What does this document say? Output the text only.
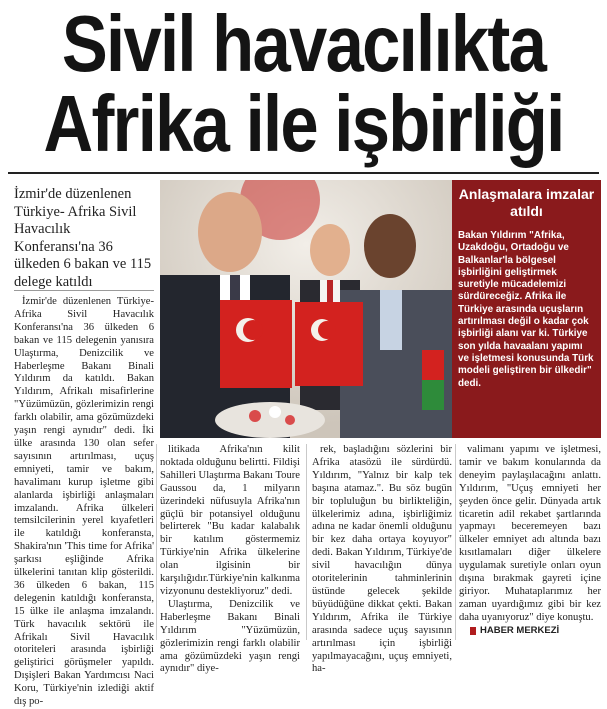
Sivil havacılıkta
Afrika ile işbirliği
İzmir'de düzenlenen Türkiye- Afrika Sivil Havacılık Konferansı'na 36 ülkeden 6 bakan ve 115 delege katıldı

İzmir'de düzenlenen Türkiye- Afrika Sivil Havacılık Konferansı'na 36 ülkeden 6 bakan ve 115 delegenin yanısıra Ulaştırma, Denizcilik ve Haberleşme Bakanı Binali Yıldırım da katıldı. Bakan Yıldırım, Afrikalı misafirlerine "Yüzümüzün, gözlerimizin rengi farklı olabilir, ama gözümüzdeki yaşın rengi aynıdır" dedi. İki ülke arasında 130 olan sefer sayısının artırılması, uçuş emniyeti, tamir ve bakım, havalimanı kurup işletme gibi alanlarda işbirliği anlaşmaları imzalandı. Afrika ülkeleri temsilcilerinin yerel kıyafetleri ile katıldığı konferansta, Shakira'nın 'This time for Afrika' şarkısı eşliğinde Afrika ülkelerini tanıtan klip gösterildi. 36 ülkeden 6 bakan, 115 delegenin katıldığı konferansta, 15 ülke ile anlaşma imzalandı. Türk havacılık sektörü ile Afrikalı Sivil Havacılık otoriteleri arasında işbirliği geliştirici görüşmeler yapıldı. Dışişleri Bakan Yardımcısı Naci Koru, Türkiye'nin izlediği aktif dış po-

Anlaşmalara imzalar atıldı
Bakan Yıldırım "Afrika, Uzakdoğu, Ortadoğu ve Balkanlar'la bölgesel işbirliğini geliştirmek suretiyle mücadelemizi sürdüreceğiz. Afrika ile Türkiye arasında uçuşların artırılması değil o kadar çok işbirliği alanı var ki. Türkiye son yılda havaalanı yapımı ve işletmesi konusunda Türk modeli geliştiren bir ülkedir" dedi.

litikada Afrika'nın kilit noktada olduğunu belirtti. Fildişi Sahilleri Ulaştırma Bakanı Toure Gaussou da, 1 milyarın üzerindeki nüfusuyla Afrika'nın güçlü bir potansiyel olduğunu belirterek "Bu kadar kalabalık bir katılım göstermemiz Türkiye'nin Afrika ülkelerine olan ilgisinin bir karşılığıdır.Türkiye'nin kalkınma vizyonunu destekliyoruz" dedi.

Ulaştırma, Denizcilik ve Haberleşme Bakanı Binali Yıldırım "Yüzümüzün, gözlerimizin rengi farklı olabilir ama gözümüzdeki yaşın rengi aynıdır" diye-

rek, başladığını sözlerini bir Afrika atasözü ile sürdürdü. Yıldırım, "Yalnız bir kalp tek başına atamaz.". Bu söz bugün bir topluluğun bu birlikteliğin, ülkelerimiz adına, işbirliğimiz adına ne kadar önemli olduğunu bir kez daha ortaya koyuyor" dedi. Bakan Yıldırım, Türkiye'de sivil havacılığın dünya otoritelerinin tahminlerinin üstünde gelecek şekilde büyüdüğüne dikkat çekti. Bakan Yıldırım, Afrika ile Türkiye arasında sadece uçuş sayısının artırılması için işbirliği yapılmayacağını, uçuş emniyeti, ha-

valimanı yapımı ve işletmesi, tamir ve bakım konularında da deneyim paylaşılacağını anlattı. Yıldırım, "Uçuş emniyeti her şeyden önce gelir. Dünyada artık ticaretin adil rekabet şartlarında yapmayı beceremeyen bazı ülkeler emniyet adı altında bazı kısıtlamaları diğer ülkelere uygulamak suretiyle onları oyun dışına bırakmak gayreti içine giriyor. Muhataplarımız her zaman uyardığımız gibi bir kez daha uyanıyoruz" diye konuştu.

HABER MERKEZİ
